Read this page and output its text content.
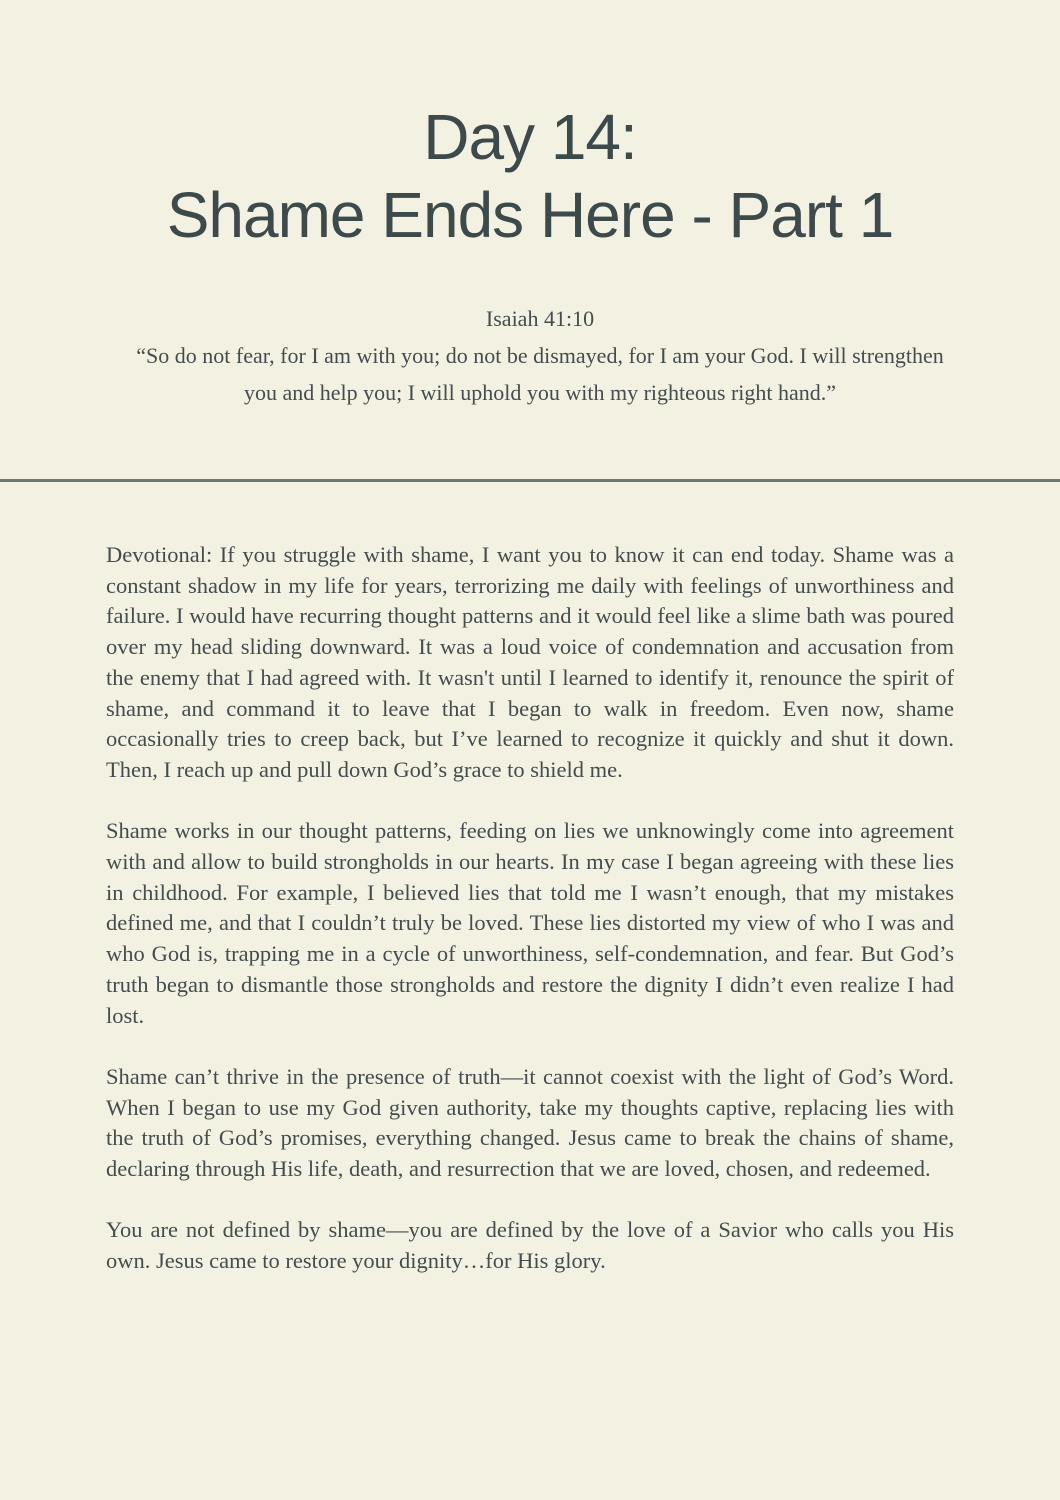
Day 14:
Shame Ends Here - Part 1
Isaiah 41:10
“So do not fear, for I am with you; do not be dismayed, for I am your God. I will strengthen you and help you; I will uphold you with my righteous right hand.”

Devotional: If you struggle with shame, I want you to know it can end today. Shame was a constant shadow in my life for years, terrorizing me daily with feelings of unworthiness and failure. I would have recurring thought patterns and it would feel like a slime bath was poured over my head sliding downward. It was a loud voice of condemnation and accusation from the enemy that I had agreed with. It wasn't until I learned to identify it, renounce the spirit of shame, and command it to leave that I began to walk in freedom. Even now, shame occasionally tries to creep back, but I’ve learned to recognize it quickly and shut it down. Then, I reach up and pull down God’s grace to shield me.

Shame works in our thought patterns, feeding on lies we unknowingly come into agreement with and allow to build strongholds in our hearts. In my case I began agreeing with these lies in childhood. For example, I believed lies that told me I wasn’t enough, that my mistakes defined me, and that I couldn’t truly be loved. These lies distorted my view of who I was and who God is, trapping me in a cycle of unworthiness, self-condemnation, and fear. But God’s truth began to dismantle those strongholds and restore the dignity I didn’t even realize I had lost.

Shame can’t thrive in the presence of truth—it cannot coexist with the light of God’s Word. When I began to use my God given authority, take my thoughts captive, replacing lies with the truth of God’s promises, everything changed. Jesus came to break the chains of shame, declaring through His life, death, and resurrection that we are loved, chosen, and redeemed.

You are not defined by shame—you are defined by the love of a Savior who calls you His own. Jesus came to restore your dignity…for His glory.
